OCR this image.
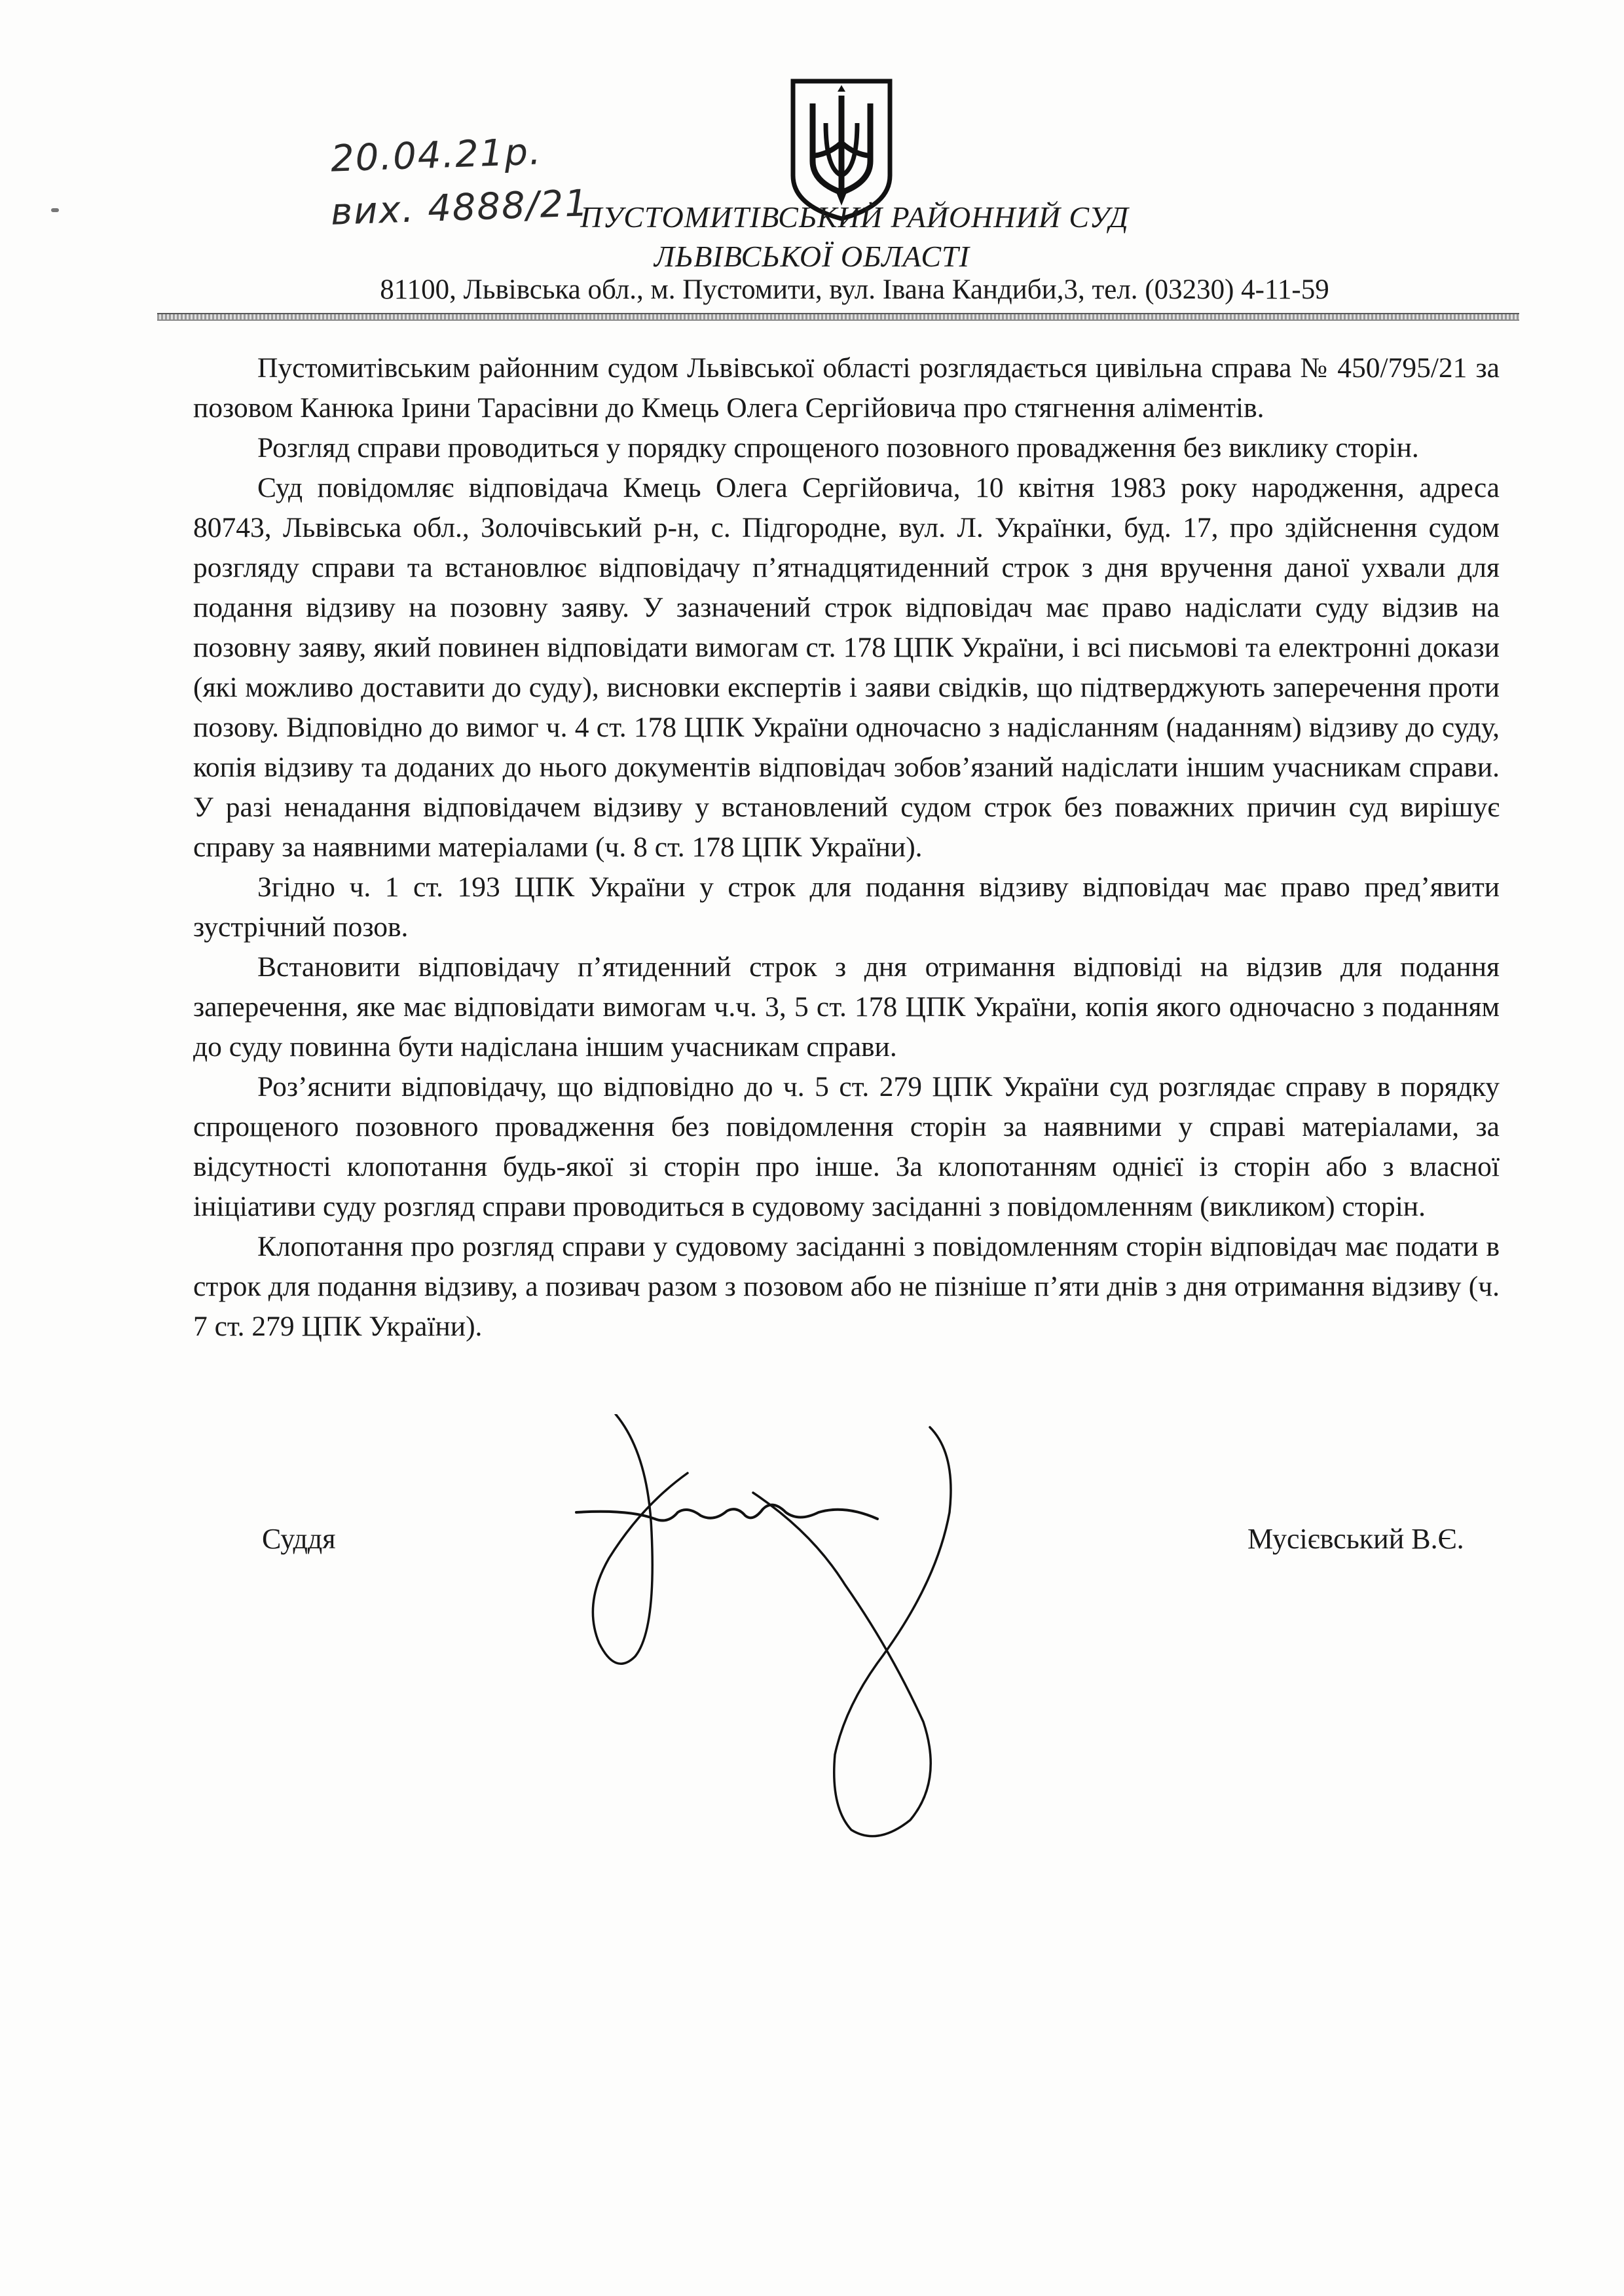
20.04.21р.
вих. 4888/21
ПУСТОМИТІВСЬКИЙ РАЙОННИЙ СУД
ЛЬВІВСЬКОЇ ОБЛАСТІ
81100, Львівська обл., м. Пустомити, вул. Івана Кандиби,3, тел. (03230) 4-11-59

Пустомитівським районним судом Львівської області розглядається цивільна справа № 450/795/21 за позовом Канюка Ірини Тарасівни до Кмець Олега Сергійовича про стягнення аліментів.

Розгляд справи проводиться у порядку спрощеного позовного провадження без виклику сторін.

Суд повідомляє відповідача Кмець Олега Сергійовича, 10 квітня 1983 року народження, адреса 80743, Львівська обл., Золочівський р-н, с. Підгородне, вул. Л. Українки, буд. 17, про здійснення судом розгляду справи та встановлює відповідачу п’ятнадцятиденний строк з дня вручення даної ухвали для подання відзиву на позовну заяву. У зазначений строк відповідач має право надіслати суду відзив на позовну заяву, який повинен відповідати вимогам ст. 178 ЦПК України, і всі письмові та електронні докази (які можливо доставити до суду), висновки експертів і заяви свідків, що підтверджують заперечення проти позову. Відповідно до вимог ч. 4 ст. 178 ЦПК України одночасно з надісланням (наданням) відзиву до суду, копія відзиву та доданих до нього документів відповідач зобов’язаний надіслати іншим учасникам справи. У разі ненадання відповідачем відзиву у встановлений судом строк без поважних причин суд вирішує справу за наявними матеріалами (ч. 8 ст. 178 ЦПК України).

Згідно ч. 1 ст. 193 ЦПК України у строк для подання відзиву відповідач має право пред’явити зустрічний позов.

Встановити відповідачу п’ятиденний строк з дня отримання відповіді на відзив для подання заперечення, яке має відповідати вимогам ч.ч. 3, 5 ст. 178 ЦПК України, копія якого одночасно з поданням до суду повинна бути надіслана іншим учасникам справи.

Роз’яснити відповідачу, що відповідно до ч. 5 ст. 279 ЦПК України суд розглядає справу в порядку спрощеного позовного провадження без повідомлення сторін за наявними у справі матеріалами, за відсутності клопотання будь-якої зі сторін про інше. За клопотанням однієї із сторін або з власної ініціативи суду розгляд справи проводиться в судовому засіданні з повідомленням (викликом) сторін.

Клопотання про розгляд справи у судовому засіданні з повідомленням сторін відповідач має подати в строк для подання відзиву, а позивач разом з позовом або не пізніше п’яти днів з дня отримання відзиву (ч. 7 ст. 279 ЦПК України).

Суддя	Мусієвський В.Є.
